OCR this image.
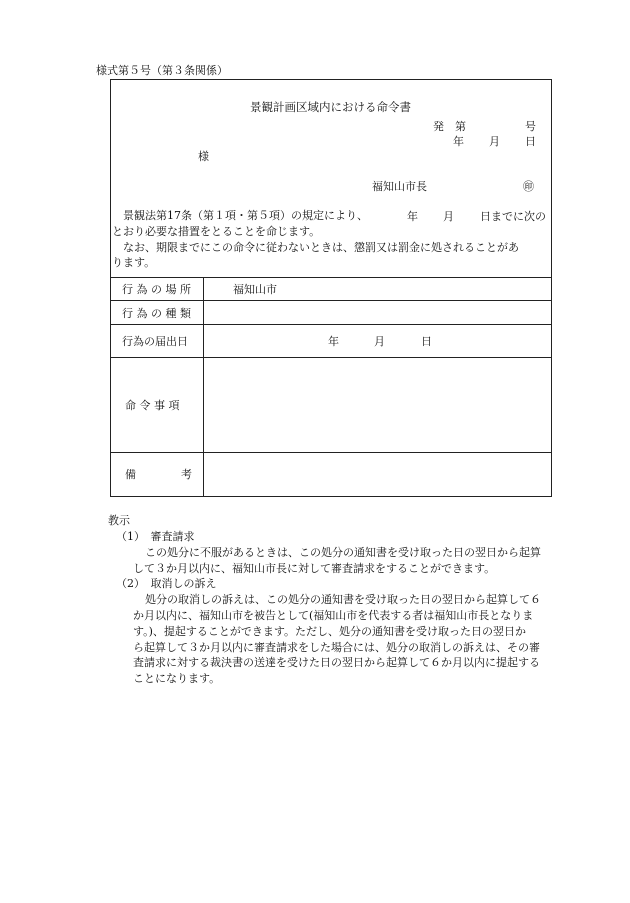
様式第５号（第３条関係）
景観計画区域内における命令書
発 第	号
年 月 日
様
福知山市長	㊞
景観法第17条（第１項・第５項）の規定により、	年 月 日までに次の
とおり必要な措置をとることを命じます。
なお、期限までにこの命令に従わないときは、懲罰又は罰金に処されることがあ
ります。
行 為 の 場 所	福知山市
行 為 の 種 類
行為の届出日	年	月	日
命 令 事 項
備	考
教示
（1）　審査請求
この処分に不服があるときは、この処分の通知書を受け取った日の翌日から起算
して３か月以内に、福知山市長に対して審査請求をすることができます。
（2）　取消しの訴え
処分の取消しの訴えは、この処分の通知書を受け取った日の翌日から起算して６
か月以内に、福知山市を被告として(福知山市を代表する者は福知山市長となりま
す。)、提起することができます。ただし、処分の通知書を受け取った日の翌日か
ら起算して３か月以内に審査請求をした場合には、処分の取消しの訴えは、その審
査請求に対する裁決書の送達を受けた日の翌日から起算して６か月以内に提起する
ことになります。
